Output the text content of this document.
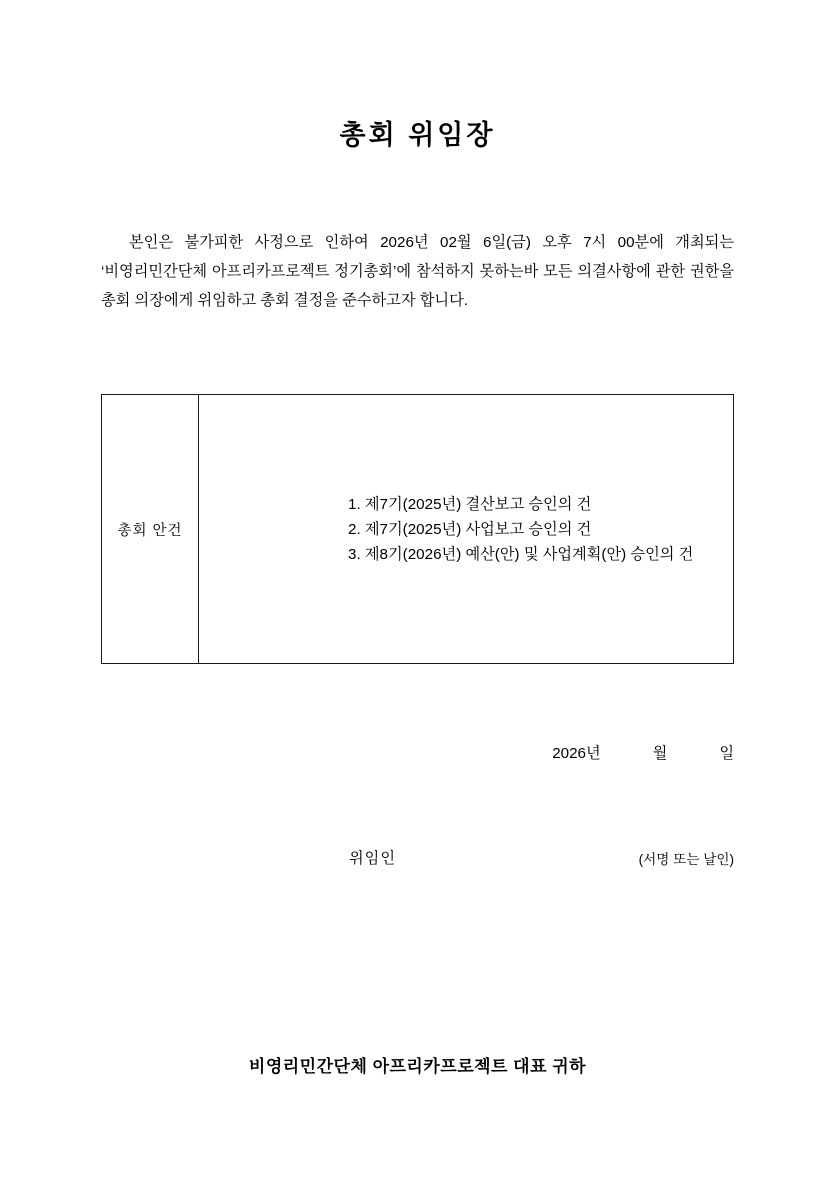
총회 위임장
본인은 불가피한 사정으로 인하여 2026년 02월 6일(금) 오후 7시 00분에 개최되는 ‘비영리민간단체 아프리카프로젝트 정기총회’에 참석하지 못하는바 모든 의결사항에 관한 권한을 총회 의장에게 위임하고 총회 결정을 준수하고자 합니다.
총회 안건
1. 제7기(2025년) 결산보고 승인의 건
2. 제7기(2025년) 사업보고 승인의 건
3. 제8기(2026년) 예산(안) 및 사업계획(안) 승인의 건
2026년	월	일
위임인	(서명 또는 날인)
비영리민간단체 아프리카프로젝트 대표 귀하
